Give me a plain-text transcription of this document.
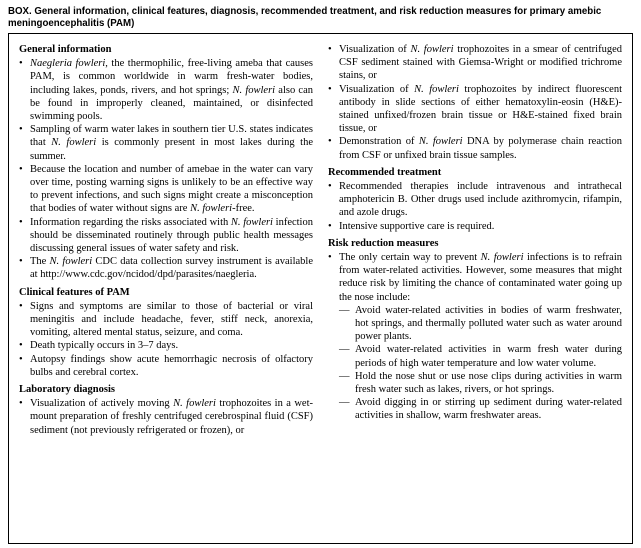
BOX. General information, clinical features, diagnosis, recommended treatment, and risk reduction measures for primary amebic meningoencephalitis (PAM)
General information
• Naegleria fowleri, the thermophilic, free-living ameba that causes PAM, is common worldwide in warm fresh-water bodies, including lakes, ponds, rivers, and hot springs; N. fowleri also can be found in improperly cleaned, maintained, or disinfected swimming pools.
• Sampling of warm water lakes in southern tier U.S. states indicates that N. fowleri is commonly present in most lakes during the summer.
• Because the location and number of amebae in the water can vary over time, posting warning signs is unlikely to be an effective way to prevent infections, and such signs might create a misconception that bodies of water without signs are N. fowleri-free.
• Information regarding the risks associated with N. fowleri infection should be disseminated routinely through public health messages discussing general issues of water safety and risk.
• The N. fowleri CDC data collection survey instrument is available at http://www.cdc.gov/ncidod/dpd/parasites/naegleria.
Clinical features of PAM
• Signs and symptoms are similar to those of bacterial or viral meningitis and include headache, fever, stiff neck, anorexia, vomiting, altered mental status, seizure, and coma.
• Death typically occurs in 3–7 days.
• Autopsy findings show acute hemorrhagic necrosis of olfactory bulbs and cerebral cortex.
Laboratory diagnosis
• Visualization of actively moving N. fowleri trophozoites in a wet-mount preparation of freshly centrifuged cerebrospinal fluid (CSF) sediment (not previously refrigerated or frozen), or
• Visualization of N. fowleri trophozoites in a smear of centrifuged CSF sediment stained with Giemsa-Wright or modified trichrome stains, or
• Visualization of N. fowleri trophozoites by indirect fluorescent antibody in slide sections of either hematoxylin-eosin (H&E)-stained unfixed/frozen brain tissue or H&E-stained fixed brain tissue, or
• Demonstration of N. fowleri DNA by polymerase chain reaction from CSF or unfixed brain tissue samples.
Recommended treatment
• Recommended therapies include intravenous and intrathecal amphotericin B. Other drugs used include azithromycin, rifampin, and azole drugs.
• Intensive supportive care is required.
Risk reduction measures
• The only certain way to prevent N. fowleri infections is to refrain from water-related activities. However, some measures that might reduce risk by limiting the chance of contaminated water going up the nose include:
— Avoid water-related activities in bodies of warm freshwater, hot springs, and thermally polluted water such as water around power plants.
— Avoid water-related activities in warm fresh water during periods of high water temperature and low water volume.
— Hold the nose shut or use nose clips during activities in warm fresh water such as lakes, rivers, or hot springs.
— Avoid digging in or stirring up sediment during water-related activities in shallow, warm freshwater areas.
